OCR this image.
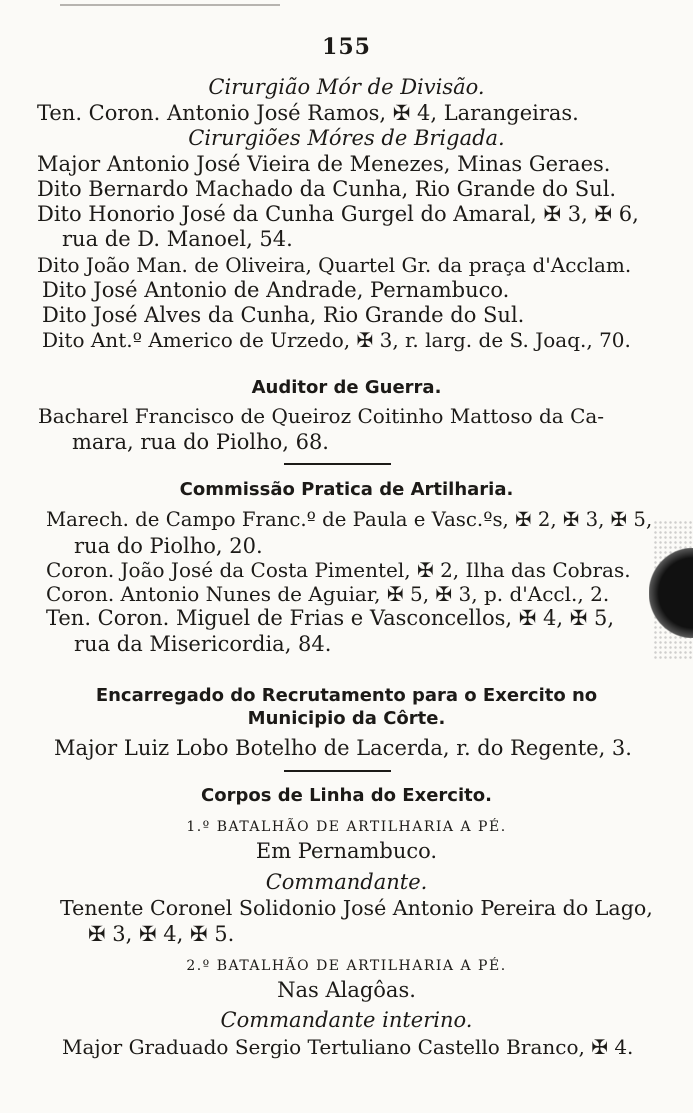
155
Cirurgião Mór de Divisão.
Ten. Coron. Antonio José Ramos, ✠ 4, Larangeiras.
Cirurgiões Móres de Brigada.
Major Antonio José Vieira de Menezes, Minas Geraes.
Dito Bernardo Machado da Cunha, Rio Grande do Sul.
Dito Honorio José da Cunha Gurgel do Amaral, ✠ 3, ✠ 6,
rua de D. Manoel, 54.
Dito João Man. de Oliveira, Quartel Gr. da praça d'Acclam.
Dito José Antonio de Andrade, Pernambuco.
Dito José Alves da Cunha, Rio Grande do Sul.
Dito Ant.º Americo de Urzedo, ✠ 3, r. larg. de S. Joaq., 70.
Auditor de Guerra.
Bacharel Francisco de Queiroz Coitinho Mattoso da Ca-
mara, rua do Piolho, 68.
Commissão Pratica de Artilharia.
Marech. de Campo Franc.º de Paula e Vasc.ºs, ✠ 2, ✠ 3, ✠ 5,
rua do Piolho, 20.
Coron. João José da Costa Pimentel, ✠ 2, Ilha das Cobras.
Coron. Antonio Nunes de Aguiar, ✠ 5, ✠ 3, p. d'Accl., 2.
Ten. Coron. Miguel de Frias e Vasconcellos, ✠ 4, ✠ 5,
rua da Misericordia, 84.
Encarregado do Recrutamento para o Exercito no
Municipio da Côrte.
Major Luiz Lobo Botelho de Lacerda, r. do Regente, 3.
Corpos de Linha do Exercito.
1.º BATALHÃO DE ARTILHARIA A PÉ.
Em Pernambuco.
Commandante.
Tenente Coronel Solidonio José Antonio Pereira do Lago,
✠ 3, ✠ 4, ✠ 5.
2.º BATALHÃO DE ARTILHARIA A PÉ.
Nas Alagôas.
Commandante interino.
Major Graduado Sergio Tertuliano Castello Branco, ✠ 4.
